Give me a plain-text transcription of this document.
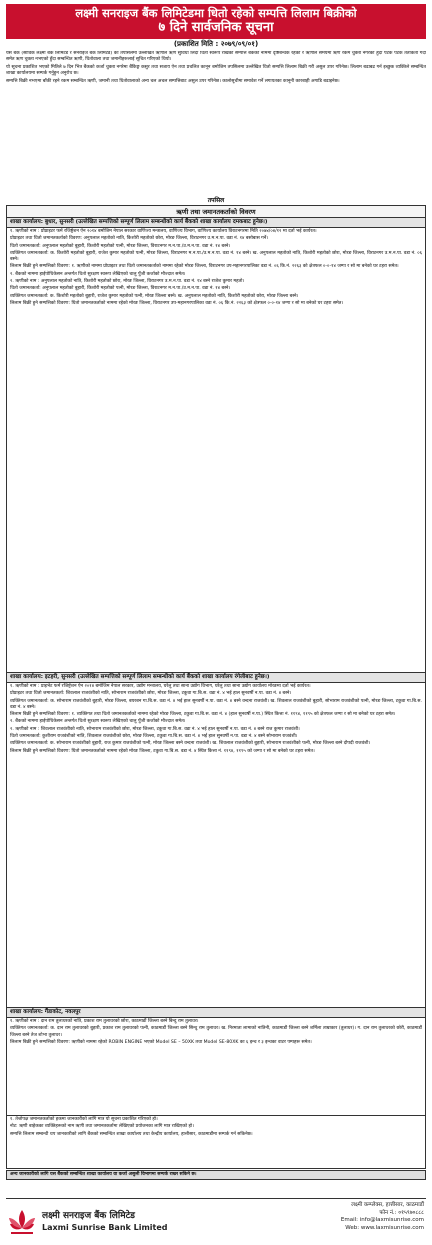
लक्ष्मी सनराइज बैंक लिमिटेडमा धितो रहेको सम्पत्ति लिलाम बिक्रीको
७ दिने सार्वजनिक सूचना
(प्रकाशित मिति : २०७९/०९/०१)

यस बैंक (साविक लक्ष्मी बैंक लिमिटेड र सनराइज बैंक लिमिटेड) का तपसिलमा उल्लेखित ऋणीले ऋण सुविधा लिँदा धितो स्वरूप राखेको सम्पत्ति बैंकको नाममा दृष्टिबन्धक रहेको र ऋणीले समयमा ऋण रकम चुक्ता नगरेको हुँदा पटक पटक तर्ताकेता गर्दा समेत ऋण चुक्ता नभएको हुँदा सम्बन्धित ऋणी, धितोवाला तथा जमानीहरूलाई सूचित गरिएको थियो।

यो सूचना प्रकाशित भएको मितिले ७ दिन भित्र बैंकको कर्जा चुक्ता नगरेमा बैंकिङ्ग कसुर तथा सजाय ऐन तथा प्रचलित कानून बमोजिम तपसिलमा उल्लेखित धितो सम्पत्ति लिलाम बिक्री गरी असुल उपर गरिनेछ। लिलाम बढाबढ गर्न इच्छुक व्यक्तिले सम्बन्धित शाखा कार्यालयमा सम्पर्क गर्नुहुन अनुरोध छ।

सम्पत्ति बिक्री नभएमा बाँकी रहने रकम सम्बन्धित ऋणी, जमानी तथा धितोवालाको अन्य चल अचल सम्पत्तिबाट असुल उपर गरिनेछ। कालोसूचीमा समावेश गर्ने लगायतका कानूनी कारबाही अगाडि बढाइनेछ।

तपसिल
ऋणी तथा जमानतकर्ताको विवरण
शाखा कार्यालय: बुधार, सुनसरी (उल्लेखित सम्पत्तिको सम्पूर्ण लिलाम सम्बन्धीको कार्य बैंकको शाखा कार्यालय दमकबाट हुनेछ।)

१. ऋणीको नाम : प्रोप्राइटर फर्म रजिष्ट्रेशन ऐन २०१४ बमोजिम नेपाल सरकार वाणिज्य मन्त्रालय, वाणिज्य विभाग, वाणिज्य कार्यालय विराटनगरमा मिति २०७४/०४/१२ मा दर्ता भई कार्यरत।

प्रोप्राइटर तथा धितो जमानतकर्ताको विवरण: अनुपलाल महतोको नाति, किशोरी महतोको छोरा, मोरङ जिल्ला, विराटनगर उ.म.न.पा. वडा नं. १४ बसोबास गर्ने।

धितो जमानतकर्ता: अनुपलाल महतोको बुहारी, किशोरी महतोको पत्नी, मोरङ जिल्ला, विराटनगर म.न.पा./उ.म.न.पा. वडा नं. १४ बस्ने।

व्यक्तिगत जमानतकर्ता: क. किशोरी महतोको बुहारी, राजेश कुमार महतोको पत्नी, मोरङ जिल्ला, विराटनगर म.न.पा./उ.म.न.पा. वडा नं. १४ बस्ने। ख. अनुपलाल महतोको नाति, किशोरी महतोको छोरा, मोरङ जिल्ला, विराटनगर उ.म.न.पा. वडा नं. ०६ बस्ने।

लिलाम बिक्री हुने सम्पत्तिको विवरण: १. ऋणीको नाममा प्रोप्राइटर तथा धितो जमानतकर्ताको नाममा रहेको मोरङ जिल्ला, विराटनगर उप-महानगरपालिका वडा नं. ०६ कि.नं. २२६३ को क्षेत्रफल ०-०-१४ जग्गा र सो मा बनेको घर टहरा समेत।

२. बैंकको नाममा हाईपोथिकेसन अन्तर्गत धितो सुरक्षण स्वरूप लेखिएको चालु पुँजी कर्जाको मौज्दात समेत।

२. ऋणीको नाम : अनुपलाल महतोको नाति, किशोरी महतोको छोरा, मोरङ जिल्ला, विराटनगर उ.म.न.पा. वडा नं. १४ बस्ने राजेश कुमार महतो।

धितो जमानतकर्ता: अनुपलाल महतोको बुहारी, किशोरी महतोको पत्नी, मोरङ जिल्ला, विराटनगर म.न.पा./उ.म.न.पा. वडा नं. १४ बस्ने।

व्यक्तिगत जमानतकर्ता: क. किशोरी महतोको बुहारी, राजेश कुमार महतोको पत्नी, मोरङ जिल्ला बस्ने। ख. अनुपलाल महतोको नाति, किशोरी महतोको छोरा, मोरङ जिल्ला बस्ने।

लिलाम बिक्री हुने सम्पत्तिको विवरण: धितो जमानतकर्ताको नाममा रहेको मोरङ जिल्ला, विराटनगर उप-महानगरपालिका वडा नं. ०६ कि.नं. २२६३ को क्षेत्रफल ०-०-१४ जग्गा र सो मा बनेको घर टहरा समेत।

शाखा कार्यालय: इटहरी, सुनसरी (उल्लेखित सम्पत्तिको सम्पूर्ण लिलाम सम्बन्धीको कार्य बैंकको शाखा कार्यालय रंगेलीबाट हुनेछ।)

१. ऋणीको नाम : प्राइभेट फर्म रजिष्ट्रेशन ऐन २०१४ बमोजिम नेपाल सरकार, उद्योग मन्त्रालय, घरेलु तथा साना उद्योग विभाग, घरेलु तथा साना उद्योग कार्यालय मोरङमा दर्ता भई कार्यरत।

प्रोप्राइटर तथा धितो जमानतकर्ता: शिवलाल राजवंशीको नाति, सोभाराम राजवंशीको छोरा, मोरङ जिल्ला, टकुवा गा.बि.स. वडा नं. ४ भई हाल सुनवर्षी न.पा. वडा नं. ४ बस्ने।

व्यक्तिगत जमानतकर्ता: क. सोभाराम राजवंशीको बुहारी, मोरङ जिल्ला, बयरबन गा.बि.स. वडा नं. ४ भई हाल सुनवर्षी न.पा. वडा नं. ४ बस्ने वन्दना राजवंशी। ख. शिवलाल राजवंशीको बुहारी, सोभाराम राजवंशीको पत्नी, मोरङ जिल्ला, टकुवा गा.बि.स. वडा नं. ४ बस्ने।

लिलाम बिक्री हुने सम्पत्तिको विवरण: १. व्यक्तिगत तथा धितो जमानतकर्ताको नाममा रहेको मोरङ जिल्ला, टकुवा गा.बि.स. वडा नं. ४ (हाल सुनवर्षी न.पा.) स्थित कित्ता नं. ११९४, ११९५ को क्षेत्रफल जग्गा र सो मा बनेको घर टहरा समेत।

२. बैंकको नाममा हाईपोथिकेसन अन्तर्गत धितो सुरक्षण स्वरूप लेखिएको चालु पुँजी कर्जाको मौज्दात समेत।

२. ऋणीको नाम : शिवलाल राजवंशीको नाति, सोभाराम राजवंशीको छोरा, मोरङ जिल्ला, टकुवा गा.बि.स. वडा नं. ४ भई हाल सुनवर्षी न.पा. वडा नं. ४ बस्ने राज कुमार राजवंशी।

धितो जमानतकर्ता: कुशीराम राजवंशीको नाति, शिवलाल राजवंशीको छोरा, मोरङ जिल्ला, टकुवा गा.बि.स. वडा नं. ४ भई हाल सुनवर्षी न.पा. वडा नं. ४ बस्ने सोभाराम राजवंशी।

व्यक्तिगत जमानतकर्ता: क. सोभाराम राजवंशीको बुहारी, राज कुमार राजवंशीको पत्नी, मोरङ जिल्ला बस्ने वन्दना राजवंशी। ख. शिवलाल राजवंशीको बुहारी, सोभाराम राजवंशीको पत्नी, मोरङ जिल्ला बस्ने दौपदी राजवंशी।

लिलाम बिक्री हुने सम्पत्तिको विवरण: धितो जमानतकर्ताको नाममा रहेको मोरङ जिल्ला, टकुवा गा.बि.स. वडा नं. ४ स्थित कित्ता नं. ११९४, ११९५ को जग्गा र सो मा बनेको घर टहरा समेत।

शाखा कार्यालय: गैंडाकोट, नवलपुर

१. ऋणीको नाम : दान राम तुलाधरको नाति, प्रकाश राम तुलाधरको छोरा, काठमाडौं जिल्ला बस्ने बिन्दु राम तुलाधर।

व्यक्तिगत जमानतकर्ता: क. दान राम तुलाधरको बुहारी, प्रकाश राम तुलाधरको पत्नी, काठमाडौं जिल्ला बस्ने सिन्धु राम तुलाधर। ख. निरमाता लामाको नातिनी, काठमाडौं जिल्ला बस्ने शर्मिला ताम्राकार (तुलाधर)। ग. दान राम तुलाधरको छोरी, काठमाडौं जिल्ला बस्ने तेज शोभा तुलाधर।

लिलाम बिक्री हुने सम्पत्तिको विवरण: ऋणीको नाममा रहेको ROBIN ENGINE भएको Model SE – 50XK तथा Model SE-80XK का ६ इन्च र ३ इन्चका वाटर पम्पहरू समेत।

१. तेश्रोपक्ष जमानतकर्ताको हकमा जानकारीको लागि मात्र यो सूचना प्रकाशित गरिएको हो।

नोट: ऋणी बाहेकका व्यक्तिहरूको नाम ऋणी तथा जमानतकर्तामा लेखिएको प्रयोजनका लागि मात्र राखिएको हो।

सम्पत्ति लिलाम सम्बन्धी थप जानकारीको लागि बैंकको सम्बन्धित शाखा कार्यालय तथा केन्द्रीय कार्यालय, हात्तीसार, काठमाडौंमा सम्पर्क गर्न सकिनेछ।

अन्य जानकारीको लागि यस बैंकको सम्बन्धित शाखा कार्यालय वा कर्जा असुली विभागमा सम्पर्क राख्न सकिने छ।
लक्ष्मी सनराइज बैंक लिमिटेड
Laxmi Sunrise Bank Limited
लक्ष्मी कम्प्लेक्स, हात्तीसार, काठमाडौं
फोन नं.: ०१५९७०८८८
Email: info@laxmisunrise.com
Web: www.laxmisunrise.com
